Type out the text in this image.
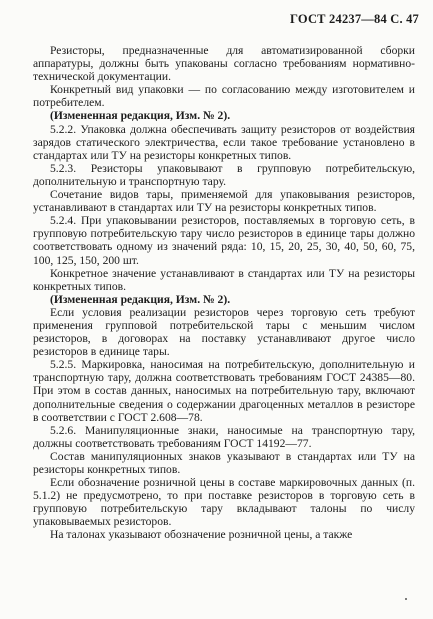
ГОСТ 24237—84 С. 47

Резисторы, предназначенные для автоматизированной сборки аппаратуры, должны быть упакованы согласно требованиям нормативно-технической документации.

Конкретный вид упаковки — по согласованию между изготовителем и потребителем.

(Измененная редакция, Изм. № 2).

5.2.2. Упаковка должна обеспечивать защиту резисторов от воздействия зарядов статического электричества, если такое требование установлено в стандартах или ТУ на резисторы конкретных типов.

5.2.3. Резисторы упаковывают в групповую потребительскую, дополнительную и транспортную тару.

Сочетание видов тары, применяемой для упаковывания резисторов, устанавливают в стандартах или ТУ на резисторы конкретных типов.

5.2.4. При упаковывании резисторов, поставляемых в торговую сеть, в групповую потребительскую тару число резисторов в единице тары должно соответствовать одному из значений ряда: 10, 15, 20, 25, 30, 40, 50, 60, 75, 100, 125, 150, 200 шт.

Конкретное значение устанавливают в стандартах или ТУ на резисторы конкретных типов.

(Измененная редакция, Изм. № 2).

Если условия реализации резисторов через торговую сеть требуют применения групповой потребительской тары с меньшим числом резисторов, в договорах на поставку устанавливают другое число резисторов в единице тары.

5.2.5. Маркировка, наносимая на потребительскую, дополнительную и транспортную тару, должна соответствовать требованиям ГОСТ 24385—80. При этом в состав данных, наносимых на потребительную тару, включают дополнительные сведения о содержании драгоценных металлов в резисторе в соответствии с ГОСТ 2.608—78.

5.2.6. Манипуляционные знаки, наносимые на транспортную тару, должны соответствовать требованиям ГОСТ 14192—77.

Состав манипуляционных знаков указывают в стандартах или ТУ на резисторы конкретных типов.

Если обозначение розничной цены в составе маркировочных данных (п. 5.1.2) не предусмотрено, то при поставке резисторов в торговую сеть в групповую потребительскую тару вкладывают талоны по числу упаковываемых резисторов.

На талонах указывают обозначение розничной цены, а также
